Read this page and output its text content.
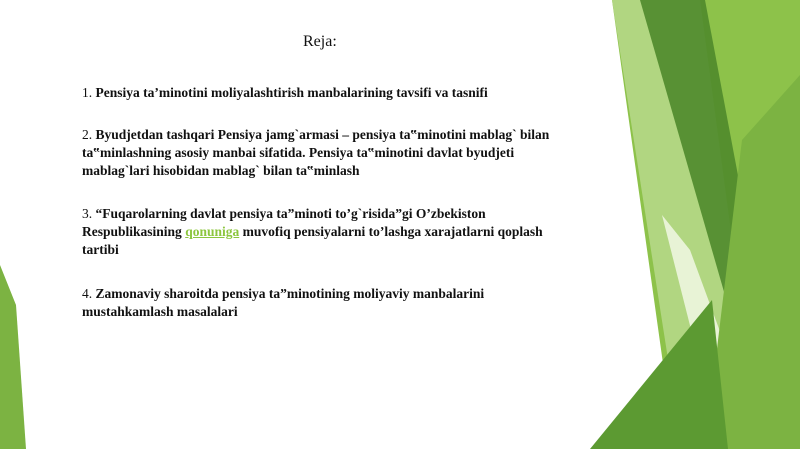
Reja:
1. Pensiya ta’minotini moliyalashtirish manbalarining tavsifi va tasnifi
2. Byudjetdan tashqari Pensiya jamg`armasi – pensiya ta‟minotini mablag` bilan ta‟minlashning asosiy manbai sifatida. Pensiya ta‟minotini davlat byudjeti mablag`lari hisobidan mablag` bilan ta‟minlash
3. “Fuqarolarning davlat pensiya ta”minoti to’g`risida”gi O’zbekiston Respublikasining qonuniga muvofiq pensiyalarni to’lashga xarajatlarni qoplash tartibi
4. Zamonaviy sharoitda pensiya ta”minotining moliyaviy manbalarini mustahkamlash masalalari
